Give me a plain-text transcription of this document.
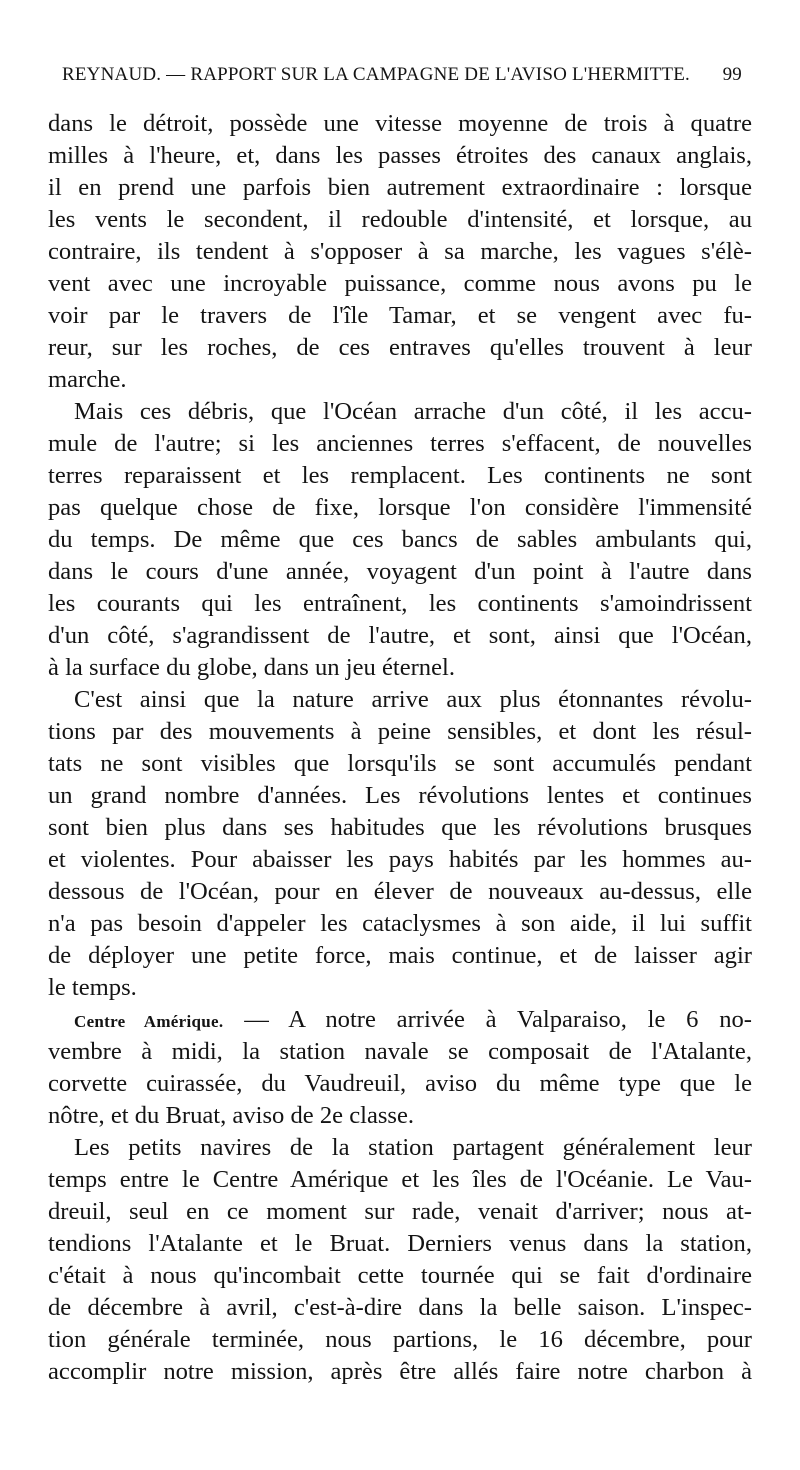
REYNAUD. — RAPPORT SUR LA CAMPAGNE DE L'AVISO L'HERMITTE. 99
dans le détroit, possède une vitesse moyenne de trois à quatre
milles à l'heure, et, dans les passes étroites des canaux anglais,
il en prend une parfois bien autrement extraordinaire : lorsque
les vents le secondent, il redouble d'intensité, et lorsque, au
contraire, ils tendent à s'opposer à sa marche, les vagues s'élè-
vent avec une incroyable puissance, comme nous avons pu le
voir par le travers de l'île Tamar, et se vengent avec fu-
reur, sur les roches, de ces entraves qu'elles trouvent à leur
marche.
Mais ces débris, que l'Océan arrache d'un côté, il les accu-
mule de l'autre; si les anciennes terres s'effacent, de nouvelles
terres reparaissent et les remplacent. Les continents ne sont
pas quelque chose de fixe, lorsque l'on considère l'immensité
du temps. De même que ces bancs de sables ambulants qui,
dans le cours d'une année, voyagent d'un point à l'autre dans
les courants qui les entraînent, les continents s'amoindrissent
d'un côté, s'agrandissent de l'autre, et sont, ainsi que l'Océan,
à la surface du globe, dans un jeu éternel.
C'est ainsi que la nature arrive aux plus étonnantes révolu-
tions par des mouvements à peine sensibles, et dont les résul-
tats ne sont visibles que lorsqu'ils se sont accumulés pendant
un grand nombre d'années. Les révolutions lentes et continues
sont bien plus dans ses habitudes que les révolutions brusques
et violentes. Pour abaisser les pays habités par les hommes au-
dessous de l'Océan, pour en élever de nouveaux au-dessus, elle
n'a pas besoin d'appeler les cataclysmes à son aide, il lui suffit
de déployer une petite force, mais continue, et de laisser agir
le temps.
Centre Amérique. — A notre arrivée à Valparaiso, le 6 no-
vembre à midi, la station navale se composait de l'Atalante,
corvette cuirassée, du Vaudreuil, aviso du même type que le
nôtre, et du Bruat, aviso de 2e classe.
Les petits navires de la station partagent généralement leur
temps entre le Centre Amérique et les îles de l'Océanie. Le Vau-
dreuil, seul en ce moment sur rade, venait d'arriver; nous at-
tendions l'Atalante et le Bruat. Derniers venus dans la station,
c'était à nous qu'incombait cette tournée qui se fait d'ordinaire
de décembre à avril, c'est-à-dire dans la belle saison. L'inspec-
tion générale terminée, nous partions, le 16 décembre, pour
accomplir notre mission, après être allés faire notre charbon à
